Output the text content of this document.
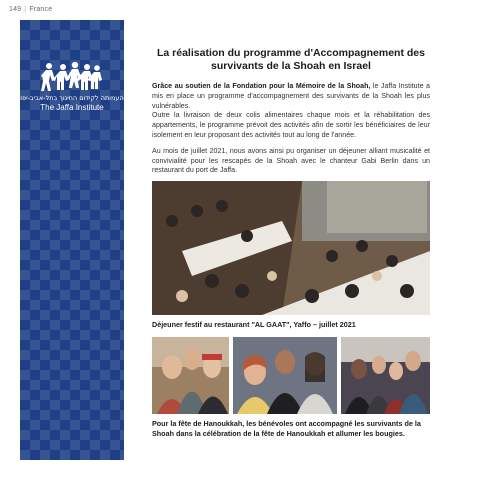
149 | France
העמותה לקידום החינוך בתל-אביב-יפו
The Jaffa Institute
La réalisation du programme d'Accompagnement des survivants de la Shoah en Israel

Grâce au soutien de la Fondation pour la Mémoire de la Shoah, le Jaffa Institute a mis en place un programme d'accompagnement des survivants de la Shoah les plus vulnérables.
Outre la livraison de deux colis alimentaires chaque mois et la réhabilitation des appartements, le programme prévoit des activités afin de sortir les bénéficiaires de leur isolement en leur proposant des activités tout au long de l'année.

Au mois de juillet 2021, nous avons ainsi pu organiser un déjeuner alliant musicalité et convivialité pour les rescapés de la Shoah avec le chanteur Gabi Berlin dans un restaurant du port de Jaffa.

Déjeuner festif au restaurant "AL GAAT", Yaffo – juillet 2021
Pour la fête de Hanoukkah, les bénévoles ont accompagné les survivants de la Shoah dans la célébration de la fête de Hanoukkah et allumer les bougies.
